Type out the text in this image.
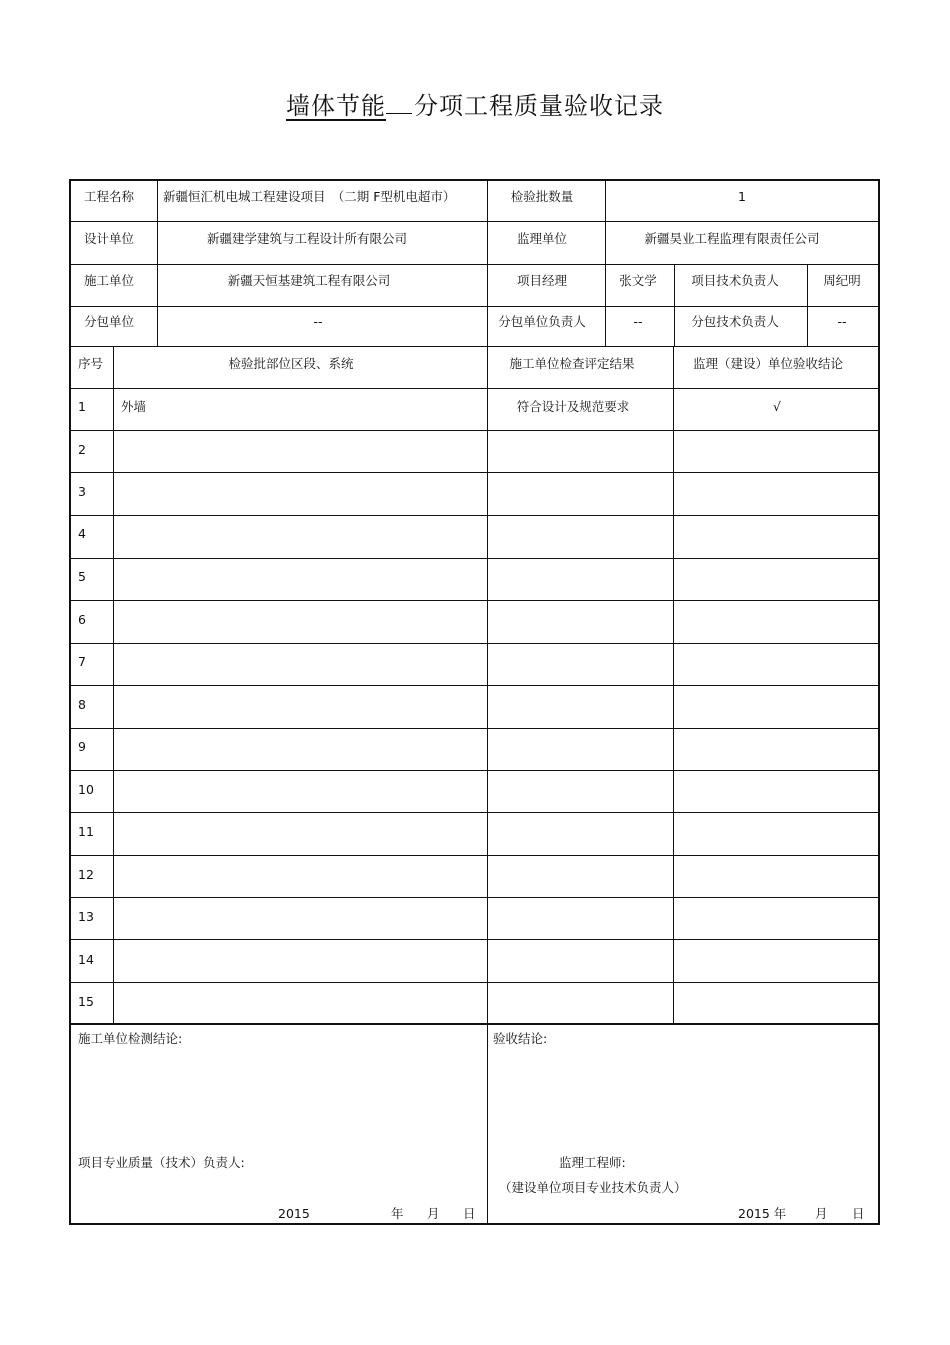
墙体节能 分项工程质量验收记录
工程名称 新疆恒汇机电城工程建设项目　（二期 F型机电超市）	检验批数量	1
设计单位	新疆建学建筑与工程设计所有限公司	监理单位	新疆昊业工程监理有限责任公司
施工单位	新疆天恒基建筑工程有限公司	项目经理	张文学	项目技术负责人	周纪明
分包单位	--	分包单位负责人	--	分包技术负责人	--
序号	检验批部位区段、系统	施工单位检查评定结果	监理（建设）单位验收结论
1	外墙	符合设计及规范要求	√
2
3
4
5
6
7
8
9
10
11
12
13
14
15
施工单位检测结论:
项目专业质量（技术）负责人:
2015	年 月 日
验收结论:
监理工程师:
（建设单位项目专业技术负责人）
2015 年 月 日
